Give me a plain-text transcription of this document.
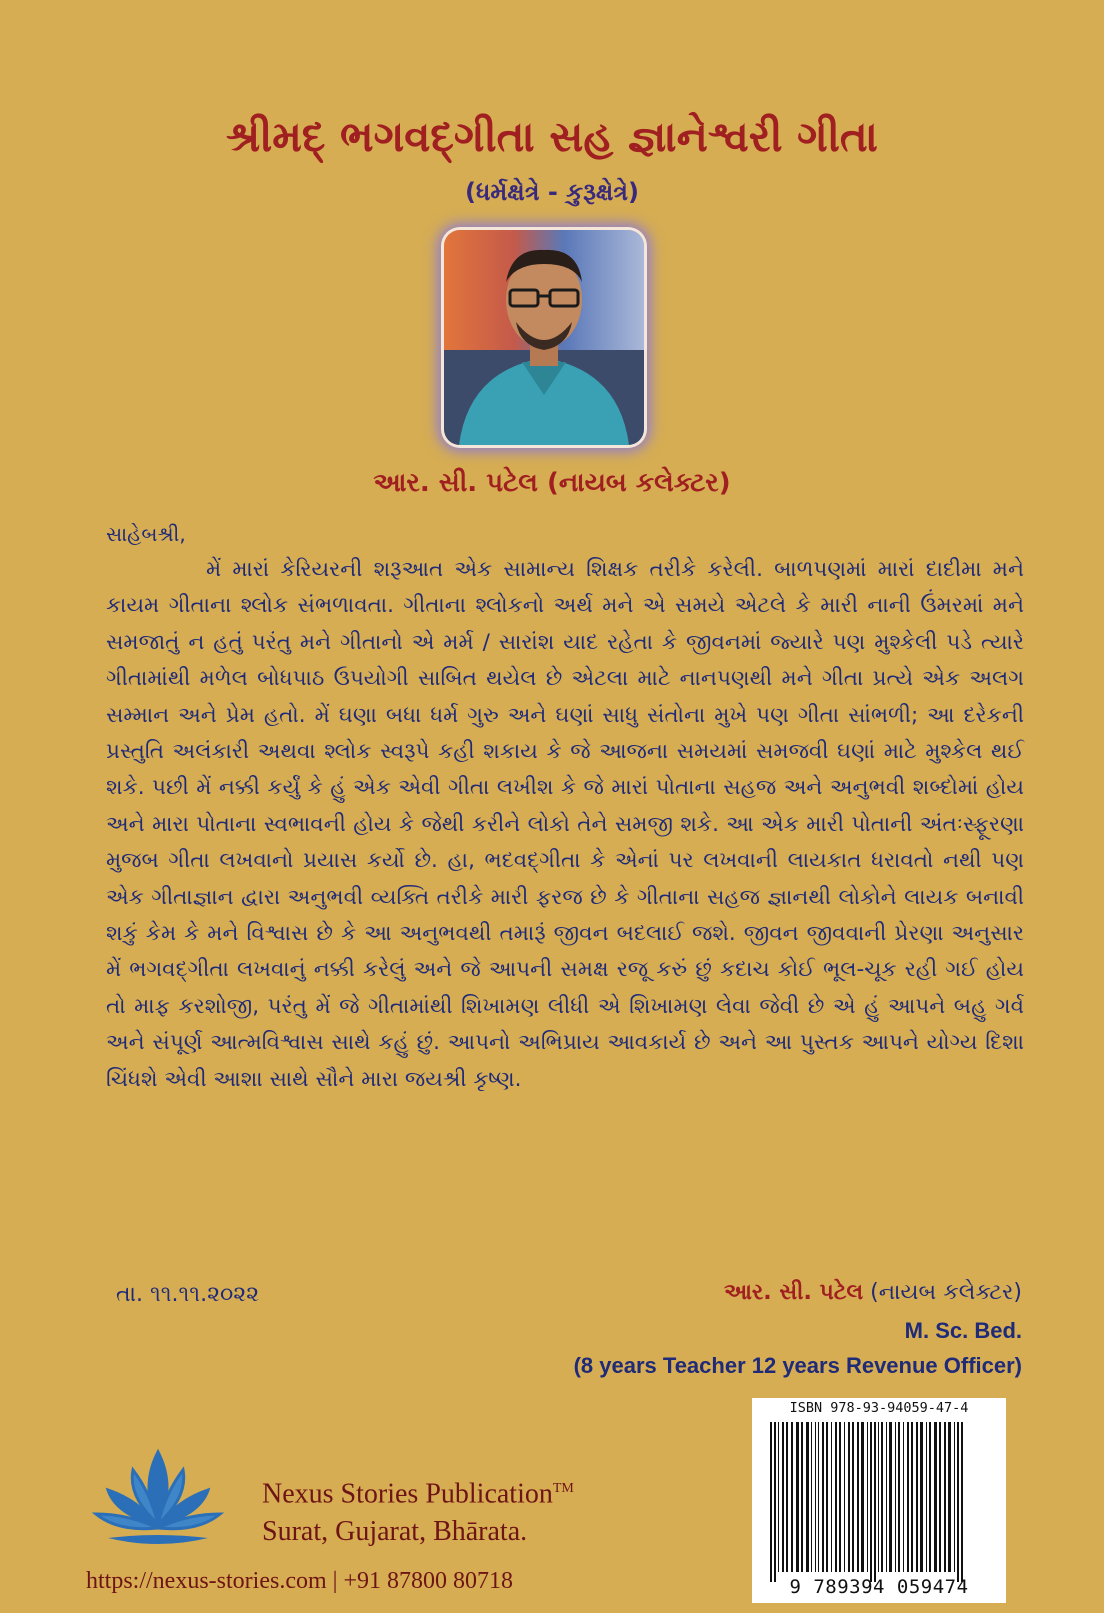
શ્રીમદ્ ભગવદ્ગીતા સહ જ્ઞાનેશ્વરી ગીતા
(ધર્મક્ષેત્રે - કુરૂક્ષેત્રે)
આર. સી. પટેલ (નાયબ કલેક્ટર)
સાહેબશ્રી,
મેં મારાં કેરિયરની શરૂઆત એક સામાન્ય શિક્ષક તરીકે કરેલી. બાળપણમાં મારાં દાદીમા મને કાયમ ગીતાના શ્લોક સંભળાવતા. ગીતાના શ્લોકનો અર્થ મને એ સમયે એટલે કે મારી નાની ઉંમરમાં મને સમજાતું ન હતું પરંતુ મને ગીતાનો એ મર્મ / સારાંશ યાદ રહેતા કે જીવનમાં જ્યારે પણ મુશ્કેલી પડે ત્યારે ગીતામાંથી મળેલ બોધપાઠ ઉપયોગી સાબિત થયેલ છે એટલા માટે નાનપણથી મને ગીતા પ્રત્યે એક અલગ સમ્માન અને પ્રેમ હતો. મેં ઘણા બધા ધર્મ ગુરુ અને ઘણાં સાધુ સંતોના મુખે પણ ગીતા સાંભળી; આ દરેકની પ્રસ્તુતિ અલંકારી અથવા શ્લોક સ્વરૂપે કહી શકાય કે જે આજના સમયમાં સમજવી ઘણાં માટે મુશ્કેલ થઈ શકે. પછી મેં નક્કી કર્યું કે હું એક એવી ગીતા લખીશ કે જે મારાં પોતાના સહજ અને અનુભવી શબ્દોમાં હોય અને મારા પોતાના સ્વભાવની હોય કે જેથી કરીને લોકો તેને સમજી શકે. આ એક મારી પોતાની અંતઃસ્ફૂરણા મુજબ ગીતા લખવાનો પ્રયાસ કર્યો છે. હા, ભદવદ્ગીતા કે એનાં પર લખવાની લાયકાત ધરાવતો નથી પણ એક ગીતાજ્ઞાન દ્વારા અનુભવી વ્યક્તિ તરીકે મારી ફરજ છે કે ગીતાના સહજ જ્ઞાનથી લોકોને લાયક બનાવી શકું કેમ કે મને વિશ્વાસ છે કે આ અનુભવથી તમારૂં જીવન બદલાઈ જશે. જીવન જીવવાની પ્રેરણા અનુસાર મેં ભગવદ્ગીતા લખવાનું નક્કી કરેલું અને જે આપની સમક્ષ રજૂ કરું છું કદાચ કોઈ ભૂલ-ચૂક રહી ગઈ હોય તો માફ કરશોજી, પરંતુ મેં જે ગીતામાંથી શિખામણ લીધી એ શિખામણ લેવા જેવી છે એ હું આપને બહુ ગર્વ અને સંપૂર્ણ આત્મવિશ્વાસ સાથે કહું છું. આપનો અભિપ્રાય આવકાર્ય છે અને આ પુસ્તક આપને યોગ્ય દિશા ચિંધશે એવી આશા સાથે સૌને મારા જયશ્રી કૃષ્ણ.
તા. ૧૧.૧૧.૨૦૨૨	આર. સી. પટેલ (નાયબ કલેક્ટર)
M. Sc. Bed.
(8 years Teacher 12 years Revenue Officer)
Nexus Stories Publication™
Surat, Gujarat, Bhārata.
https://nexus-stories.com | +91 87800 80718
ISBN 978-93-94059-47-4
9 789394 059474
